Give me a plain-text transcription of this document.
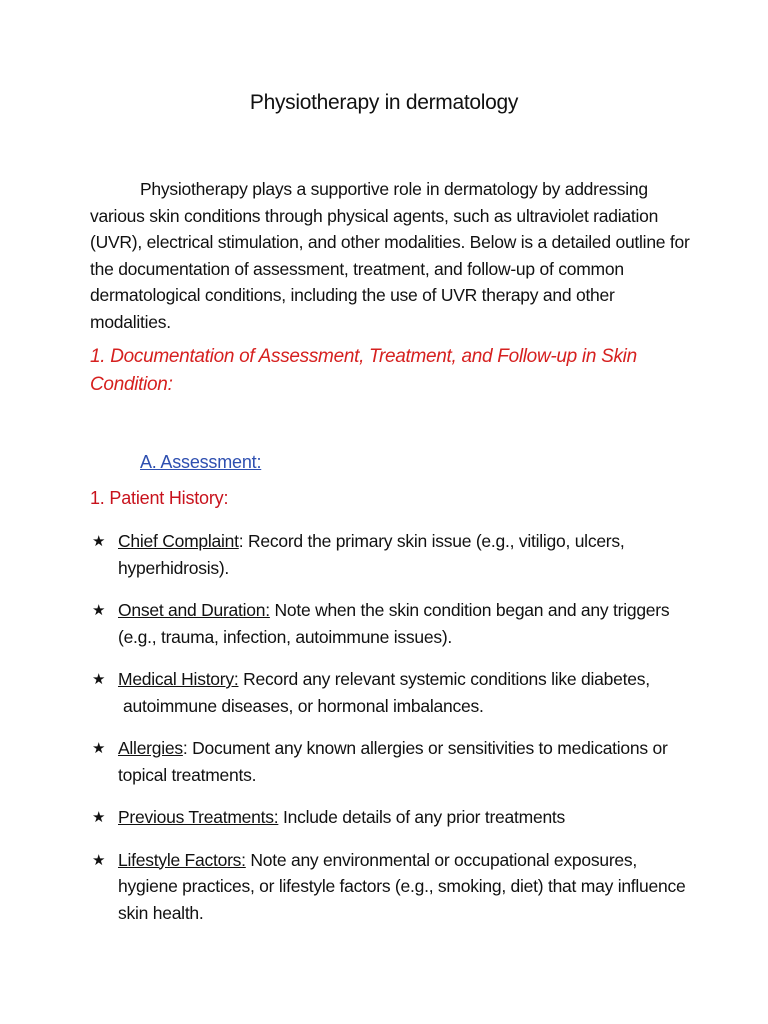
Physiotherapy in dermatology
Physiotherapy plays a supportive role in dermatology by addressing various skin conditions through physical agents, such as ultraviolet radiation (UVR), electrical stimulation, and other modalities. Below is a detailed outline for the documentation of assessment, treatment, and follow-up of common dermatological conditions, including the use of UVR therapy and other modalities.
1. Documentation of Assessment, Treatment, and Follow-up in Skin Condition:
A. Assessment:
1. Patient History:
★ Chief Complaint: Record the primary skin issue (e.g., vitiligo, ulcers, hyperhidrosis).
★ Onset and Duration: Note when the skin condition began and any triggers (e.g., trauma, infection, autoimmune issues).
★ Medical History: Record any relevant systemic conditions like diabetes,
autoimmune diseases, or hormonal imbalances.
★ Allergies: Document any known allergies or sensitivities to medications or topical treatments.
★ Previous Treatments: Include details of any prior treatments
★ Lifestyle Factors: Note any environmental or occupational exposures, hygiene practices, or lifestyle factors (e.g., smoking, diet) that may influence skin health.
